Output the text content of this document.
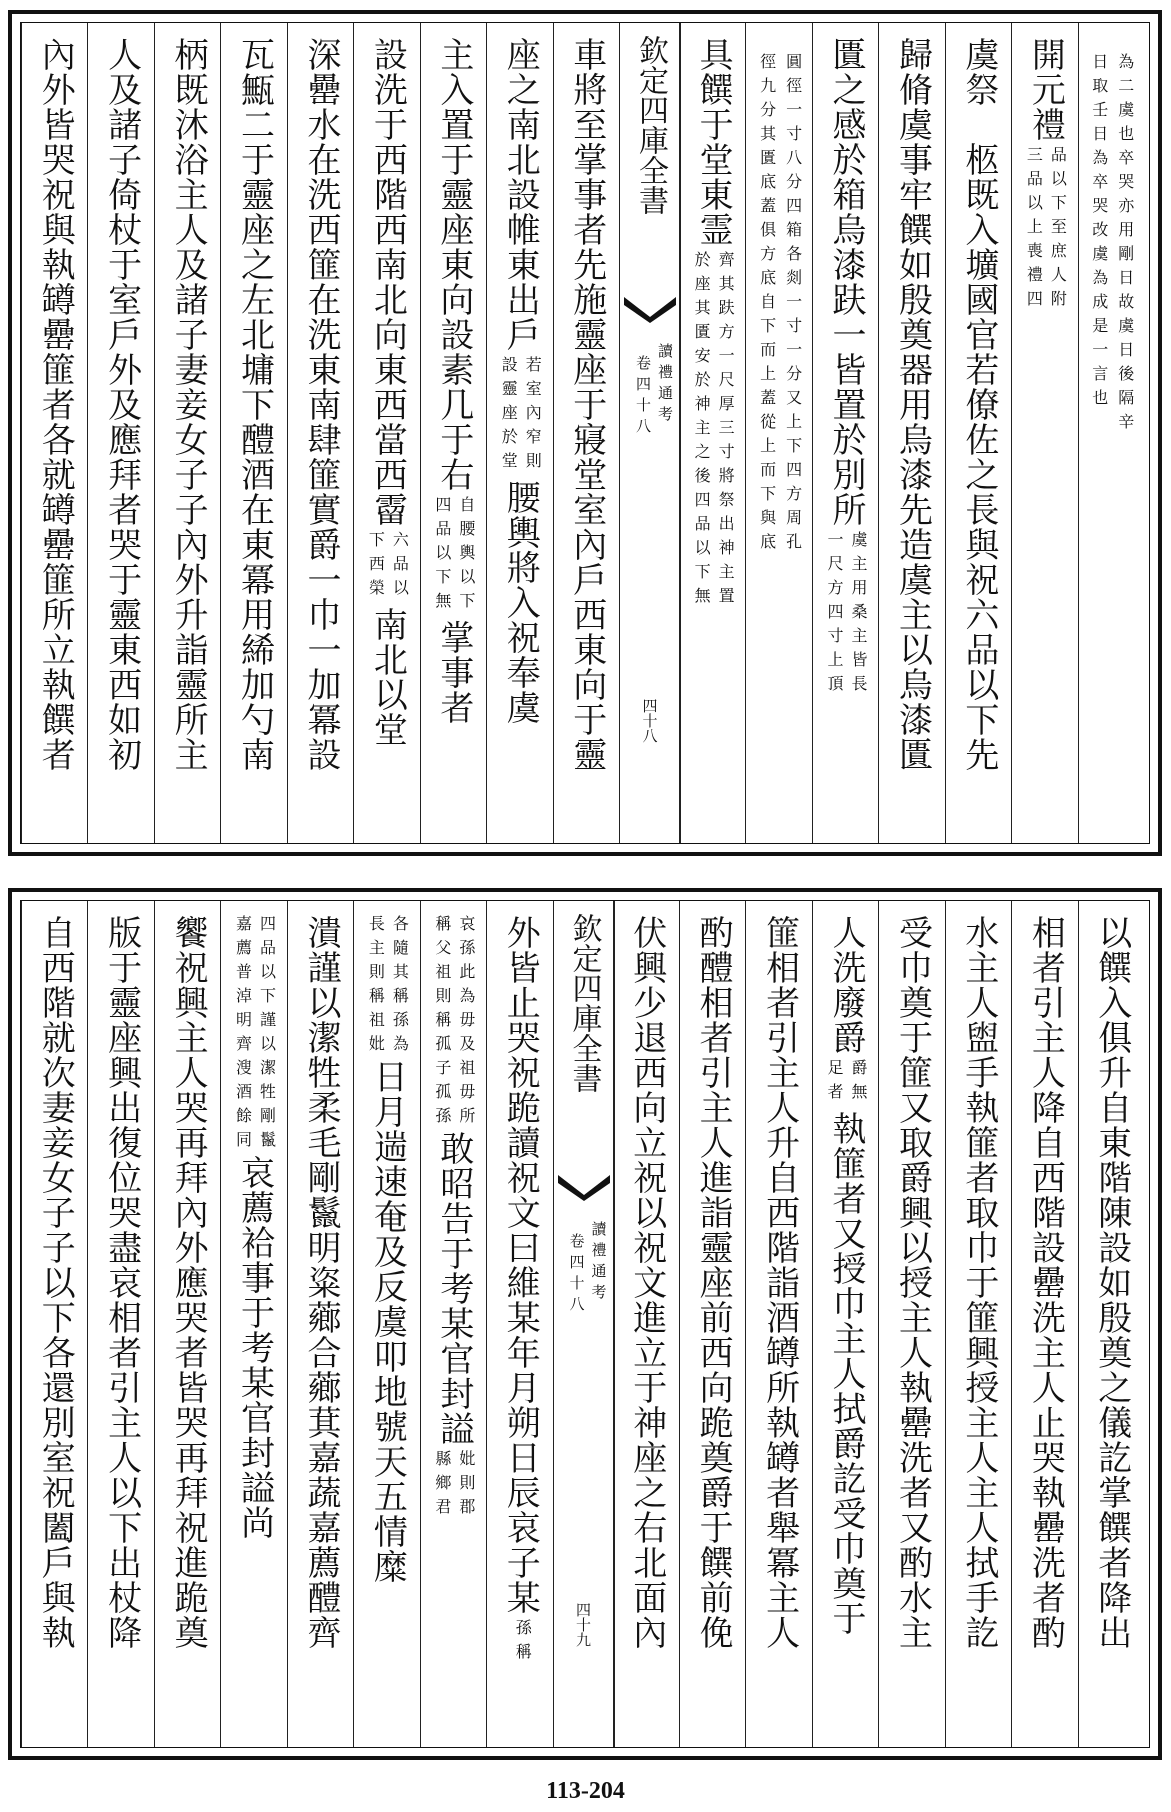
為二虞也卒哭亦用剛日故虞日後隔辛
日取壬日為卒哭改虞為成是一言也
開元禮
品以下至庶人附
三品以上喪禮四
虞祭　柩既入壙國官若僚佐之長與祝六品以下先
歸脩虞事牢饌如殷奠器用烏漆先造虞主以烏漆匱
匱之感於箱烏漆趺一皆置於別所
虞主用桑主皆長
一尺方四寸上頂
圓徑一寸八分四箱各剡一寸一分又上下四方周孔
徑九分其匱底蓋俱方底自下而上蓋從上而下與底
具饌于堂東霊
齊其趺方一尺厚三寸將祭出神主置
於座其匱安於神主之後四品以下無
欽定四庫全書
讀禮通考
卷四十八
四十八
車將至掌事者先施靈座于寢堂室內戶西東向于靈
座之南北設帷東出戶
若室內窄則
設靈座於堂
腰輿將入祝奉虞
主入置于靈座東向設素几于右
自腰輿以下
四品以下無
掌事者
設洗于西階西南北向東西當西霤
六品以
下西榮
南北以堂
深罍水在洗西篚在洗東南肆篚實爵一巾一加冪設
瓦甒二于靈座之左北墉下醴酒在東冪用絺加勺南
柄既沐浴主人及諸子妻妾女子子內外升詣靈所主
人及諸子倚杖于室戶外及應拜者哭于靈東西如初
內外皆哭祝與執罇罍篚者各就罇罍篚所立執饌者
以饌入俱升自東階陳設如殷奠之儀訖掌饌者降出
相者引主人降自西階設罍洗主人止哭執罍洗者酌
水主人盥手執篚者取巾于篚興授主人主人拭手訖
受巾奠于篚又取爵興以授主人執罍洗者又酌水主
人洗廢爵
爵無
足者
執篚者又授巾主人拭爵訖受巾奠于
篚相者引主人升自西階詣酒罇所執罇者舉冪主人
酌醴相者引主人進詣靈座前西向跪奠爵于饌前俛
伏興少退西向立祝以祝文進立于神座之右北面內
欽定四庫全書
讀禮通考
卷四十八
四十九
外皆止哭祝跪讀祝文曰維某年月朔日辰哀子某
孫稱
哀孫此為毋及祖毋所
稱父祖則稱孤子孤孫
敢昭告于考某官封謚
妣則郡
縣鄉君
各隨其稱孫為
長主則稱祖妣
日月遄速奄及反虞叩地號天五情糜
潰謹以潔牲柔毛剛鬣明粢薌合薌萁嘉蔬嘉薦醴齊
四品以下謹以潔牲剛鬣
嘉薦普淖明齊溲酒餘同
哀薦袷事于考某官封謚尚
饗祝興主人哭再拜內外應哭者皆哭再拜祝進跪奠
版于靈座興出復位哭盡哀相者引主人以下出杖降
自西階就次妻妾女子子以下各還別室祝闔戶與執
113-204
